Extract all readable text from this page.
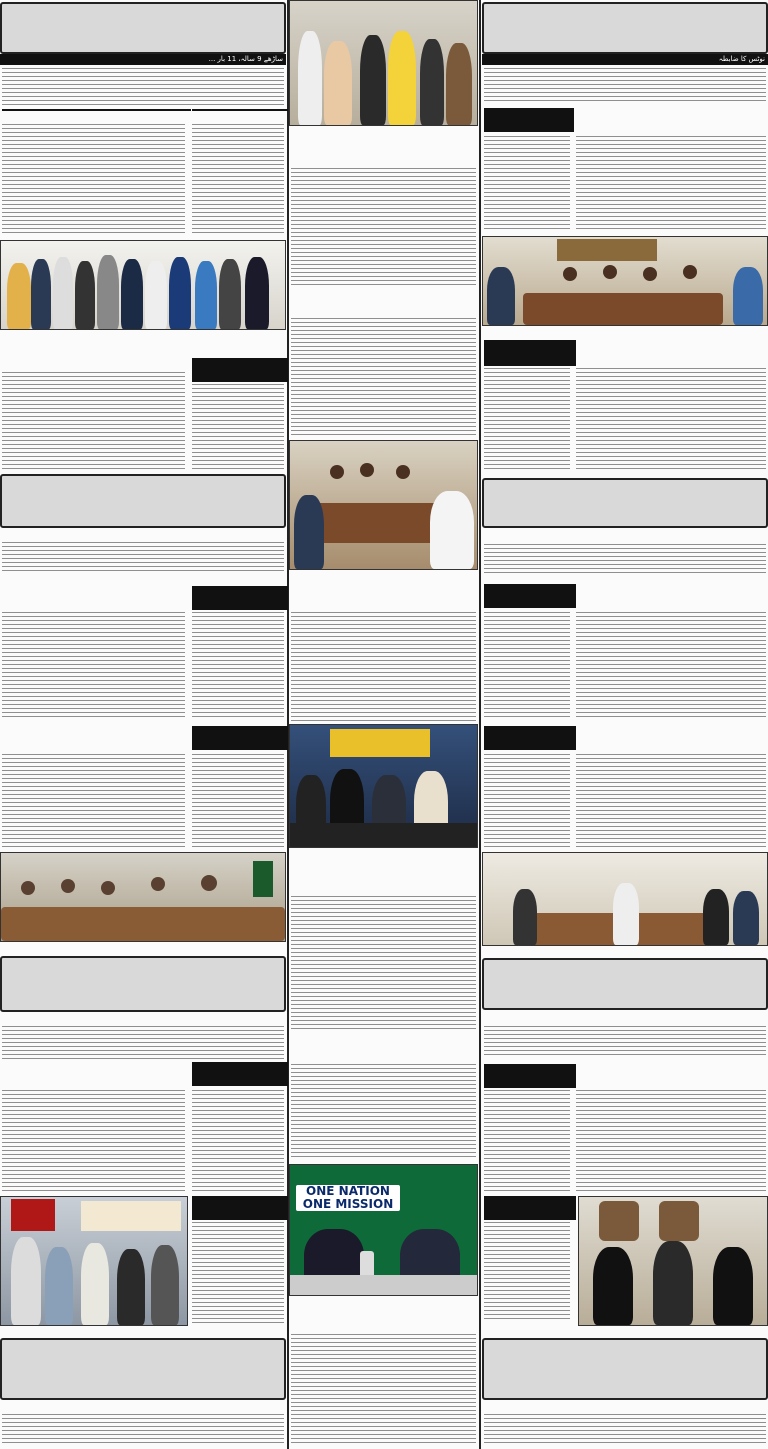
ساڑھے 9 سالہ، 11 بار ...
ONE NATION
ONE MISSION
نوٹس کا ضابطہ
